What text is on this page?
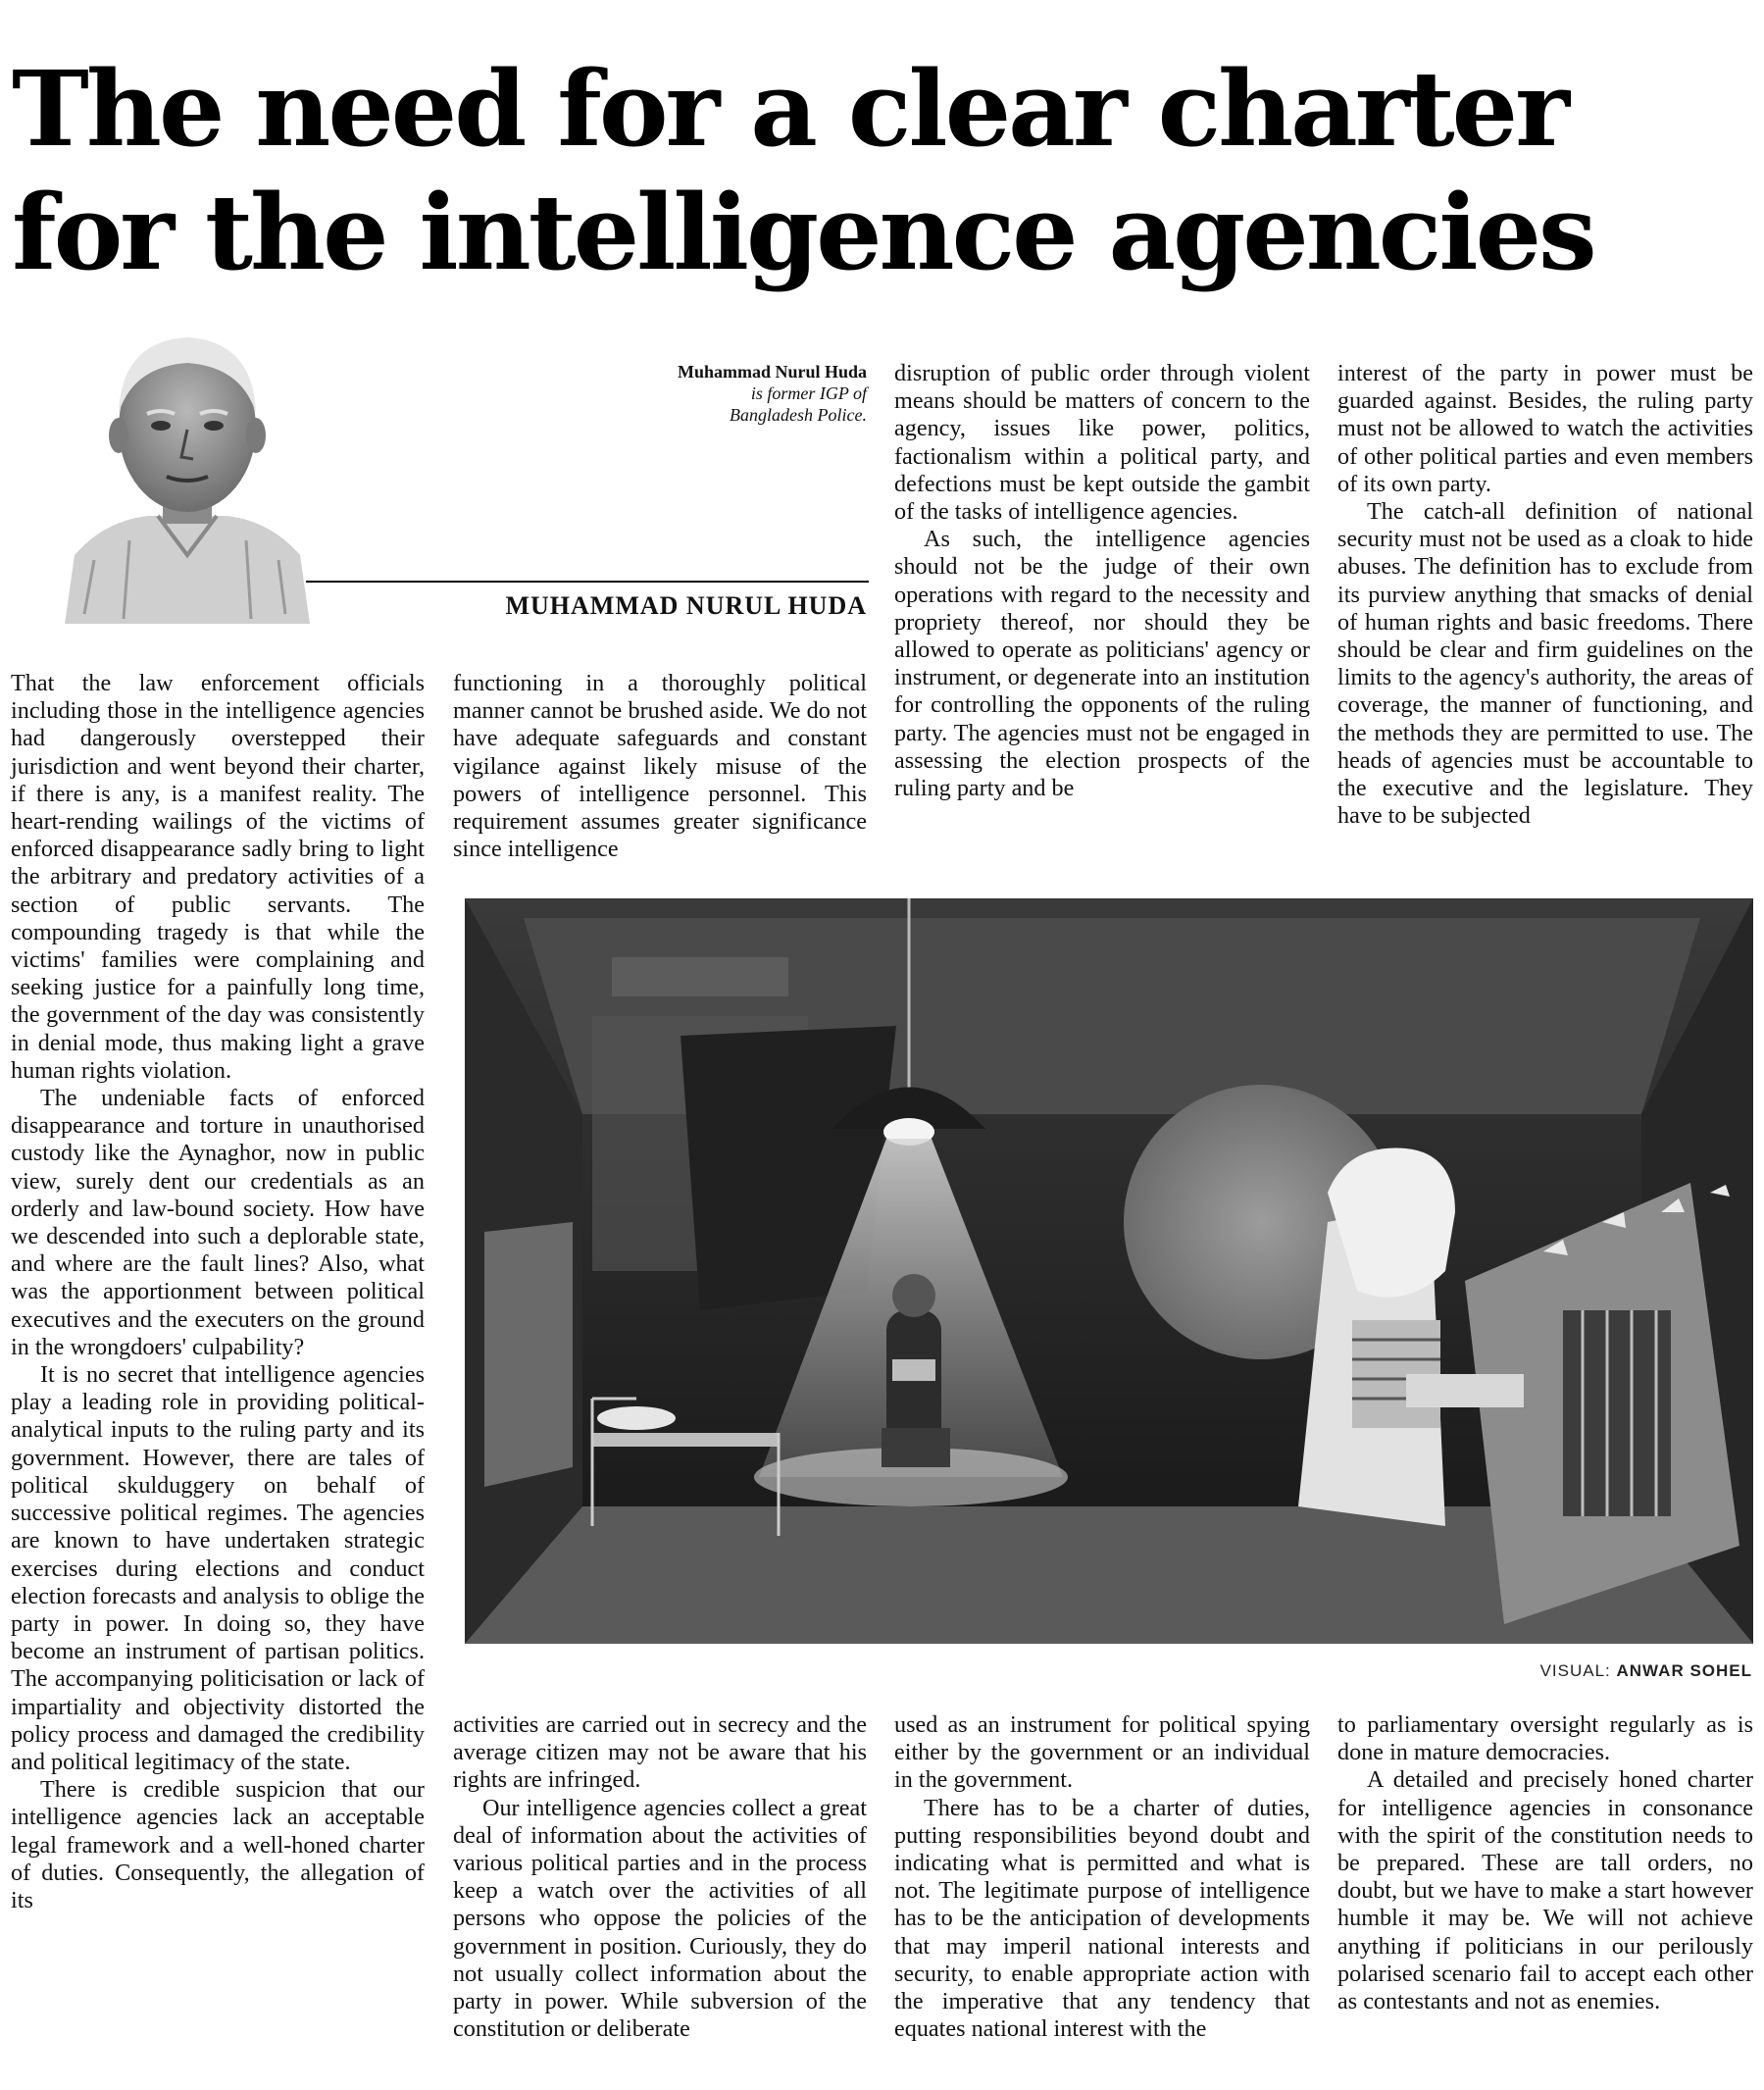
The need for a clear charter for the intelligence agencies
Muhammad Nurul Huda
is former IGP of
Bangladesh Police.
MUHAMMAD NURUL HUDA

That the law enforcement officials including those in the intelligence agencies had dangerously overstepped their jurisdiction and went beyond their charter, if there is any, is a manifest reality. The heart-rending wailings of the victims of enforced disappearance sadly bring to light the arbitrary and predatory activities of a section of public servants. The compounding tragedy is that while the victims' families were complaining and seeking justice for a painfully long time, the government of the day was consistently in denial mode, thus making light a grave human rights violation.

The undeniable facts of enforced disappearance and torture in unauthorised custody like the Aynaghor, now in public view, surely dent our credentials as an orderly and law-bound society. How have we descended into such a deplorable state, and where are the fault lines? Also, what was the apportionment between political executives and the executers on the ground in the wrongdoers' culpability?

It is no secret that intelligence agencies play a leading role in providing political-analytical inputs to the ruling party and its government. However, there are tales of political skulduggery on behalf of successive political regimes. The agencies are known to have undertaken strategic exercises during elections and conduct election forecasts and analysis to oblige the party in power. In doing so, they have become an instrument of partisan politics. The accompanying politicisation or lack of impartiality and objectivity distorted the policy process and damaged the credibility and political legitimacy of the state.

There is credible suspicion that our intelligence agencies lack an acceptable legal framework and a well-honed charter of duties. Consequently, the allegation of its

functioning in a thoroughly political manner cannot be brushed aside. We do not have adequate safeguards and constant vigilance against likely misuse of the powers of intelligence personnel. This requirement assumes greater significance since intelligence

disruption of public order through violent means should be matters of concern to the agency, issues like power, politics, factionalism within a political party, and defections must be kept outside the gambit of the tasks of intelligence agencies.

As such, the intelligence agencies should not be the judge of their own operations with regard to the necessity and propriety thereof, nor should they be allowed to operate as politicians' agency or instrument, or degenerate into an institution for controlling the opponents of the ruling party. The agencies must not be engaged in assessing the election prospects of the ruling party and be

interest of the party in power must be guarded against. Besides, the ruling party must not be allowed to watch the activities of other political parties and even members of its own party.

The catch-all definition of national security must not be used as a cloak to hide abuses. The definition has to exclude from its purview anything that smacks of denial of human rights and basic freedoms. There should be clear and firm guidelines on the limits to the agency's authority, the areas of coverage, the manner of functioning, and the methods they are permitted to use. The heads of agencies must be accountable to the executive and the legislature. They have to be subjected

VISUAL: ANWAR SOHEL

activities are carried out in secrecy and the average citizen may not be aware that his rights are infringed.

Our intelligence agencies collect a great deal of information about the activities of various political parties and in the process keep a watch over the activities of all persons who oppose the policies of the government in position. Curiously, they do not usually collect information about the party in power. While subversion of the constitution or deliberate

used as an instrument for political spying either by the government or an individual in the government.

There has to be a charter of duties, putting responsibilities beyond doubt and indicating what is permitted and what is not. The legitimate purpose of intelligence has to be the anticipation of developments that may imperil national interests and security, to enable appropriate action with the imperative that any tendency that equates national interest with the

to parliamentary oversight regularly as is done in mature democracies.

A detailed and precisely honed charter for intelligence agencies in consonance with the spirit of the constitution needs to be prepared. These are tall orders, no doubt, but we have to make a start however humble it may be. We will not achieve anything if politicians in our perilously polarised scenario fail to accept each other as contestants and not as enemies.
